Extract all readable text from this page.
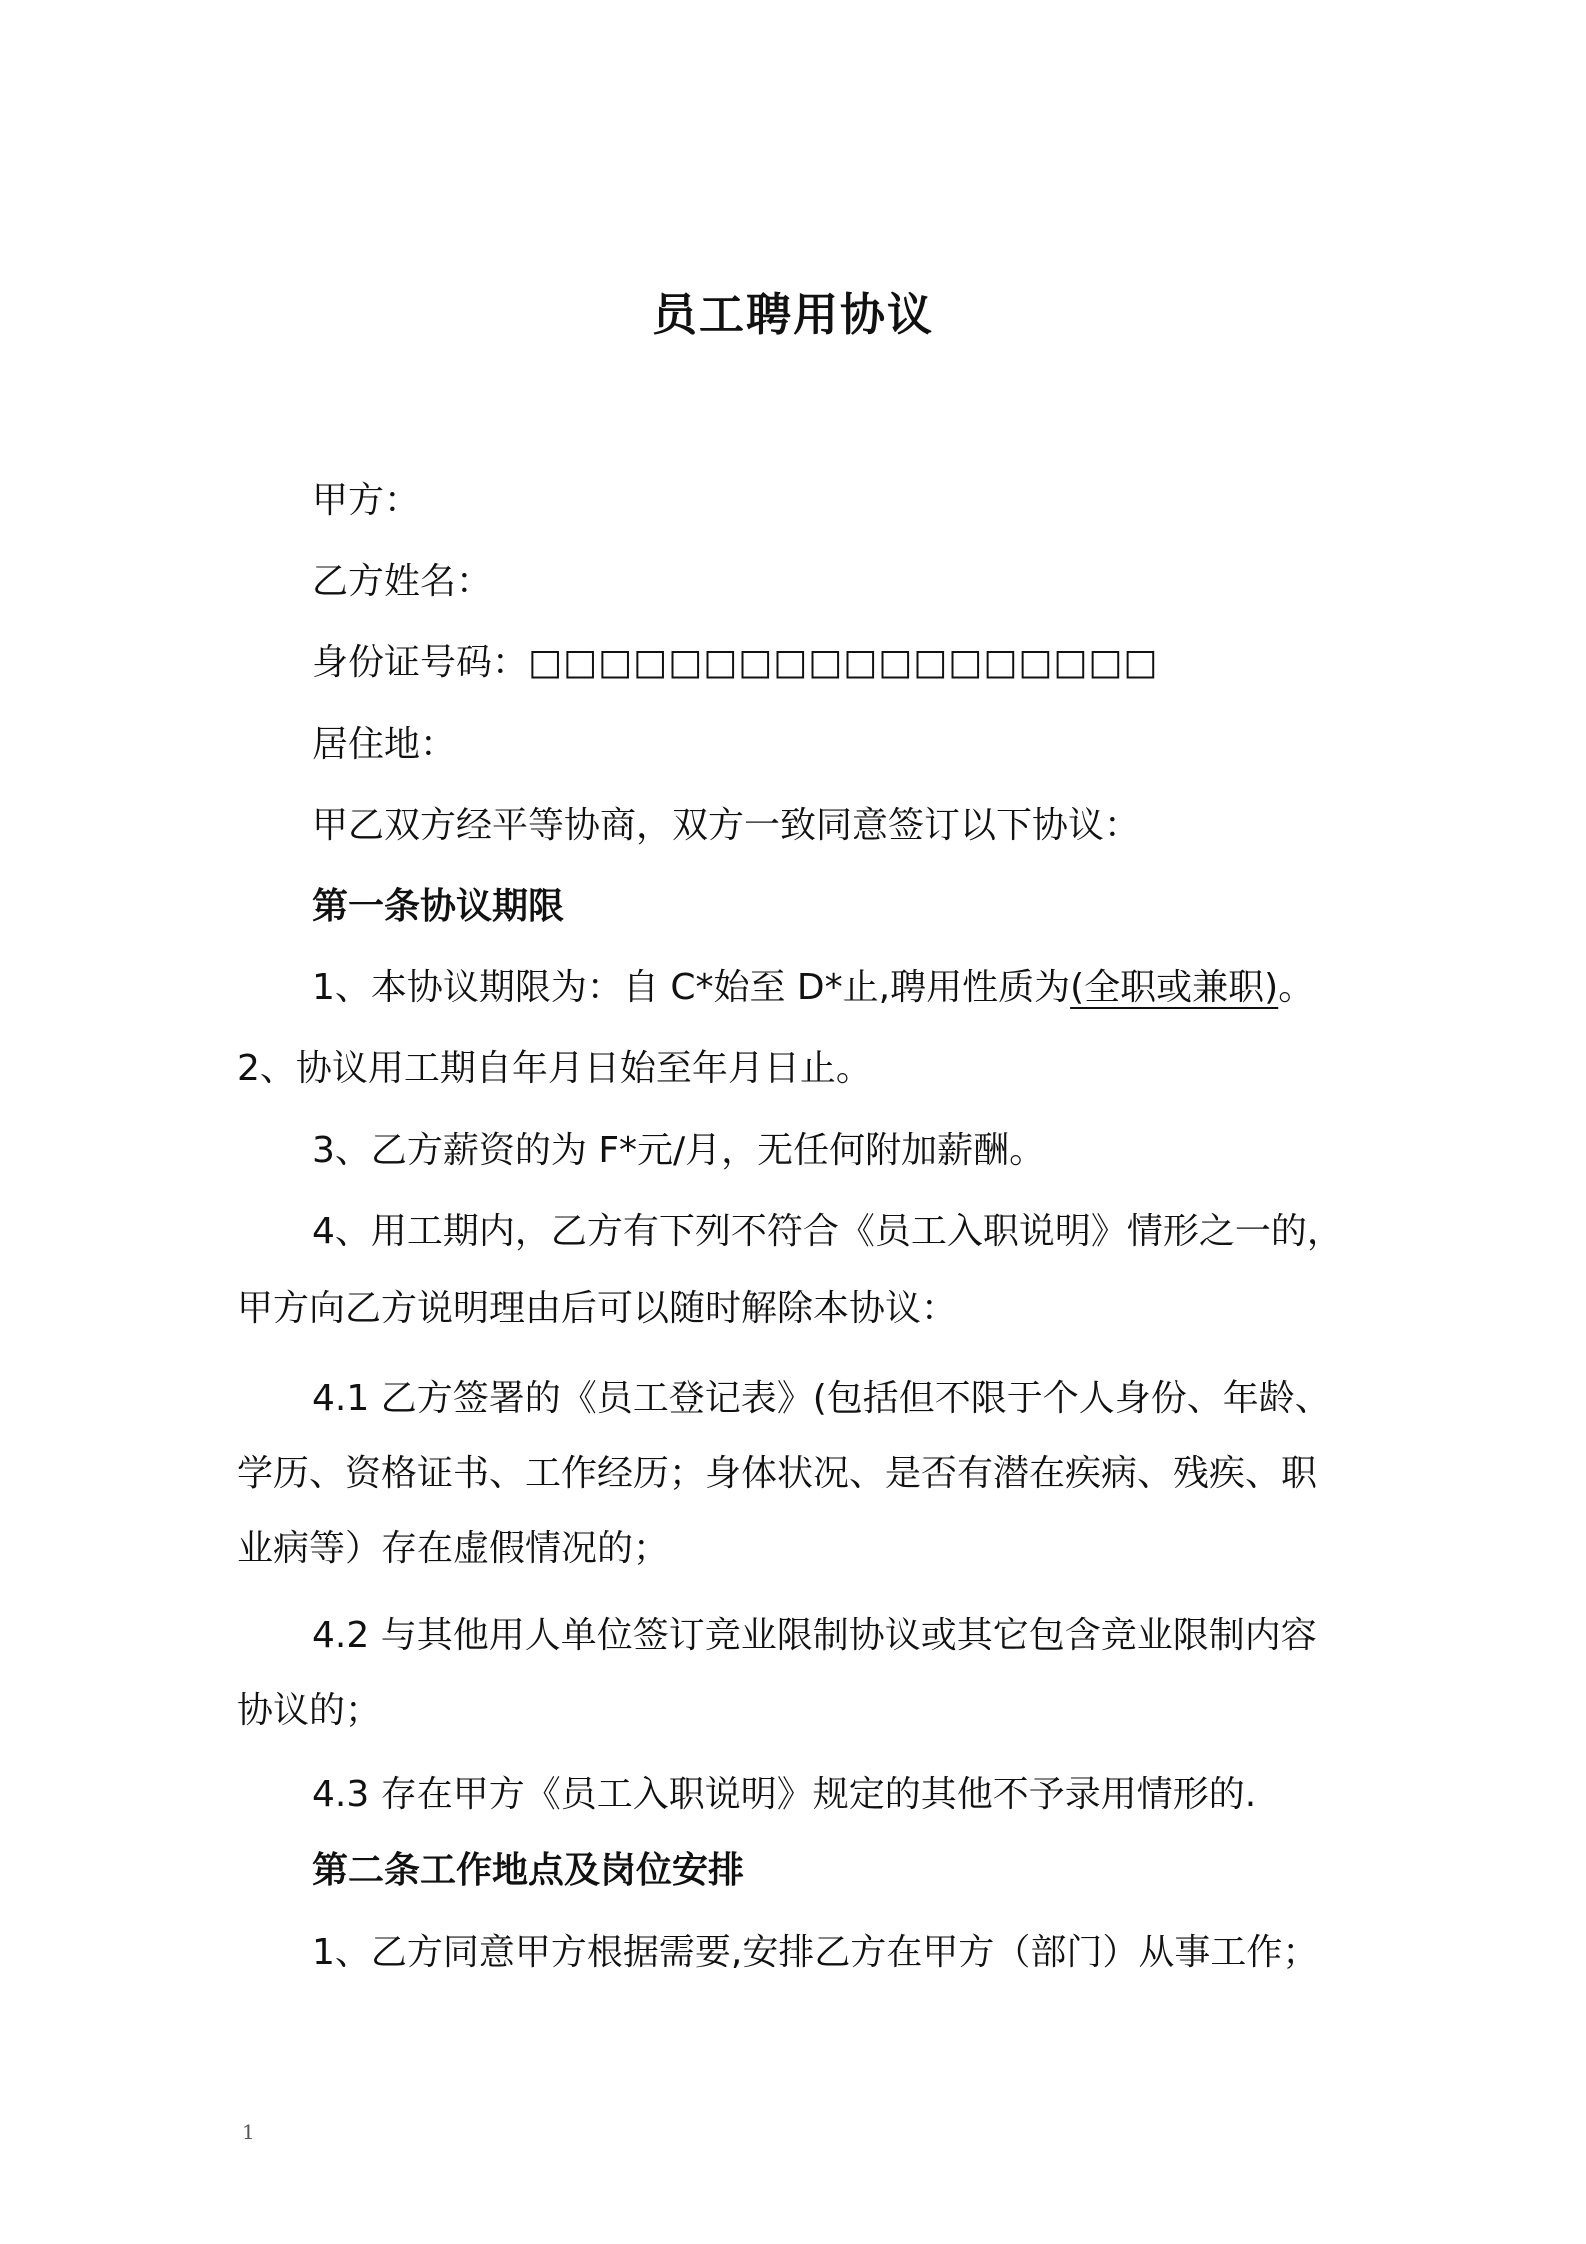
员工聘用协议
甲方：
乙方姓名：
身份证号码：□□□□□□□□□□□□□□□□□□
居住地：
甲乙双方经平等协商，双方一致同意签订以下协议：
第一条协议期限
1、本协议期限为：自 C*始至 D*止,聘用性质为(全职或兼职)。
2、协议用工期自年月日始至年月日止。
3、乙方薪资的为 F*元/月，无任何附加薪酬。
4、用工期内，乙方有下列不符合《员工入职说明》情形之一的，
甲方向乙方说明理由后可以随时解除本协议：
4.1 乙方签署的《员工登记表》(包括但不限于个人身份、年龄、
学历、资格证书、工作经历；身体状况、是否有潜在疾病、残疾、职
业病等）存在虚假情况的；
4.2 与其他用人单位签订竞业限制协议或其它包含竞业限制内容
协议的；
4.3 存在甲方《员工入职说明》规定的其他不予录用情形的.
第二条工作地点及岗位安排
1、乙方同意甲方根据需要,安排乙方在甲方（部门）从事工作；
1
